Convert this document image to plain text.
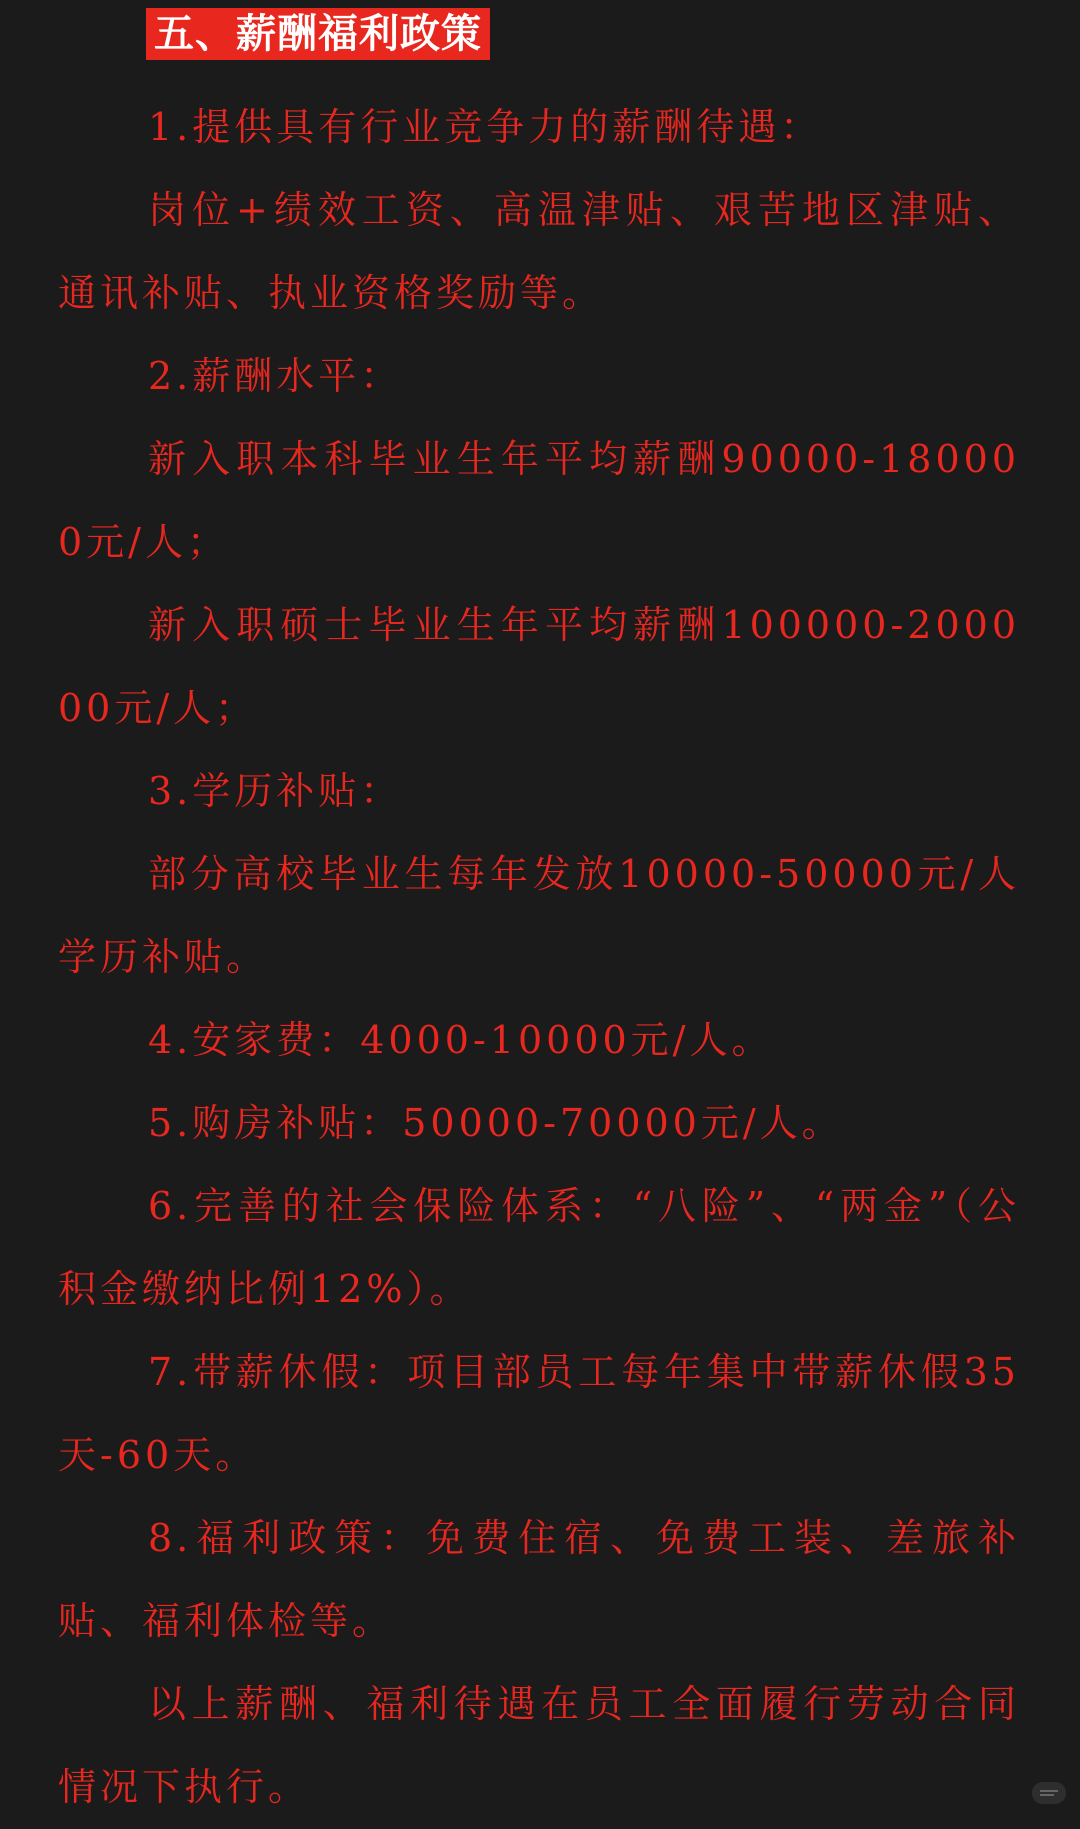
五、薪酬福利政策

1.提供具有行业竞争力的薪酬待遇：

岗位+绩效工资、高温津贴、艰苦地区津贴、通讯补贴、执业资格奖励等。

2.薪酬水平：

新入职本科毕业生年平均薪酬90000-180000元/人；

新入职硕士毕业生年平均薪酬100000-200000元/人；

3.学历补贴：

部分高校毕业生每年发放10000-50000元/人学历补贴。

4.安家费：4000-10000元/人。

5.购房补贴：50000-70000元/人。

6.完善的社会保险体系：“八险”、“两金”（公积金缴纳比例12%）。

7.带薪休假：项目部员工每年集中带薪休假35天-60天。

8.福利政策：免费住宿、免费工装、差旅补贴、福利体检等。

以上薪酬、福利待遇在员工全面履行劳动合同情况下执行。
